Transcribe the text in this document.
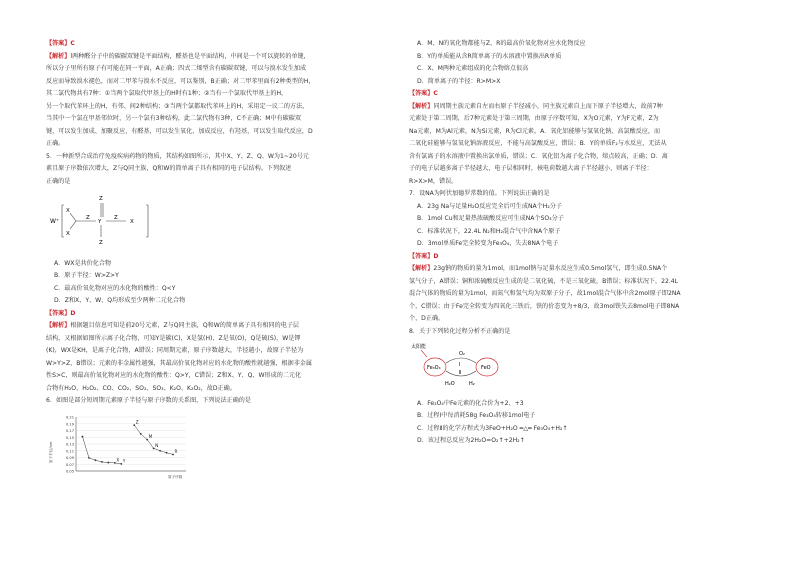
【答案】C

【解析】l两种醛分子中的碳碳双键是平面结构，醛基也是平面结构，中间是一个可以旋转的单键，

所以分子里所有原子有可能在同一平面，A正确；四式二烯型含有碳碳双键，可以与溴水发生加成

反应而导致溴水褪色，而对二甲苯与溴水不反应，可以鉴别，B正确；对二甲苯里面有2种类型的H，

其二氯代物共有7种：①当两个氯取代甲基上的H时有1种；②当有一个氯取代甲基上的H，

另一个取代苯环上的H，有邻、间2种结构；③当两个氯都取代苯环上的H，采用定一议二的方法，

当其中一个氯在甲基邻位时，另一个氯有3种结构，此二氯代物有3种，C不正确；M中有碳碳双

键，可以发生加成、加聚反应，有醛基，可以发生氧化、加成反应，有羟基，可以发生取代反应，D

正确。

5．一种新型合成治疗免疫疾病药物的物质，其结构如图所示，其中X、Y、Z、Q、W为1~20号元

素且原子序数依次增大，Z与Q同主族，Q和W的简单离子具有相同的电子层结构。下列叙述

正确的是

W⁺
Z
Z
Y
X
X
X
Z	Z

A．WX是共价化合物

B．原子半径：W>Z>Y

C．最高价氧化物对应的水化物的酸性：Q<Y

D．Z和X、Y、W、Q均形成至少两种二元化合物

【答案】D

【解析】根据题目信息可知是前20号元素，Z与Q同主族，Q和W的简单离子具有相同的电子层

结构，又根据如图所示离子化合物，可知Y是碳(C)，X是氢(H)，Z是氧(O)，Q是硫(S)，W是钾

(K)，WX是KH，是离子化合物，A错误；同周期元素，原子序数越大，半径越小，故原子半径为

W>Y>Z，B错误；元素的非金属性越强，其最高价氧化物对应的水化物的酸性就越强，根据非金属

性S>C，则最高价氧化物对应的水化物的酸性：Q>Y，C错误；Z和X、Y、Q、W形成的二元化

合物有H₂O、H₂O₂、CO、CO₂、SO₂、SO₃、K₂O、K₂O₂，故D正确。

6．如图是部分短周期元素原子半径与原子序数的关系图，下列说法正确的是

0.05
0.07
0.09
0.11
0.13
0.15
0.17
0.19
0.21
原子半径/nm
原子序数
X Y
Z
M
N
R

A．M、N的氧化物都能与Z、R的最高价氧化物对应水化物反应

B．Y的单质能从含R简单离子的水溶液中置换出R单质

C．X、M两种元素组成的化合物熔点很高

D．简单离子的半径：R>M>X

【答案】C

【解析】同周期主族元素自左而右原子半径减小，同主族元素自上而下原子半径增大，故前7种

元素处于第二周期，后7种元素处于第三周期，由原子序数可知，X为O元素，Y为F元素，Z为

Na元素，M为Al元素，N为Si元素，R为Cl元素。A．氧化铝能够与氢氧化钠、高氯酸反应，而

二氧化硅能够与氢氧化钠溶液反应，不能与高氯酸反应，错误；B．Y的单质F₂与水反应，无法从

含有氯离子的水溶液中置换出氯单质，错误；C．氧化铝为离子化合物，熔点较高，正确；D．离

子的电子层越多离子半径越大，电子层相同时，核电荷数越大离子半径越小，则离子半径：

R>X>M，错误。

7．设NA为阿伏加德罗常数的值。下列说法正确的是

A．23g Na与足量H₂O反应完全后可生成NA个H₂分子

B．1mol Cu和足量热浓硫酸反应可生成NA个SO₃分子

C．标准状况下，22.4L N₂和H₂混合气中含NA个原子

D．3mol单质Fe完全转变为Fe₃O₄，失去8NA个电子

【答案】D

【解析】23g钠的物质的量为1mol，而1mol钠与足量水反应生成0.5mol氢气，即生成0.5NA个

氢气分子，A错误；铜和浓硫酸反应生成的是二氧化硫，不是三氧化硫，B错误；标准状况下，22.4L

混合气体的物质的量为1mol，而氮气和氢气均为双原子分子，故1mol混合气体中含2mol原子即2NA

个，C错误；由于Fe完全转变为四氧化三铁后，铁的价态变为+8/3，故3mol铁失去8mol电子即8NA

个，D正确。

8．关于下列转化过程分析不正确的是

太阳能
Fe₃O₄	FeO
O₂
Ⅰ
Ⅱ
H₂O	H₂

A．Fe₃O₄中Fe元素的化合价为+2、+3

B．过程Ⅰ中每消耗58g Fe₃O₄转移1mol电子

C．过程Ⅱ的化学方程式为3FeO+H₂O ═△═ Fe₃O₄+H₂↑

D．该过程总反应为2H₂O=O₂↑+2H₂↑
